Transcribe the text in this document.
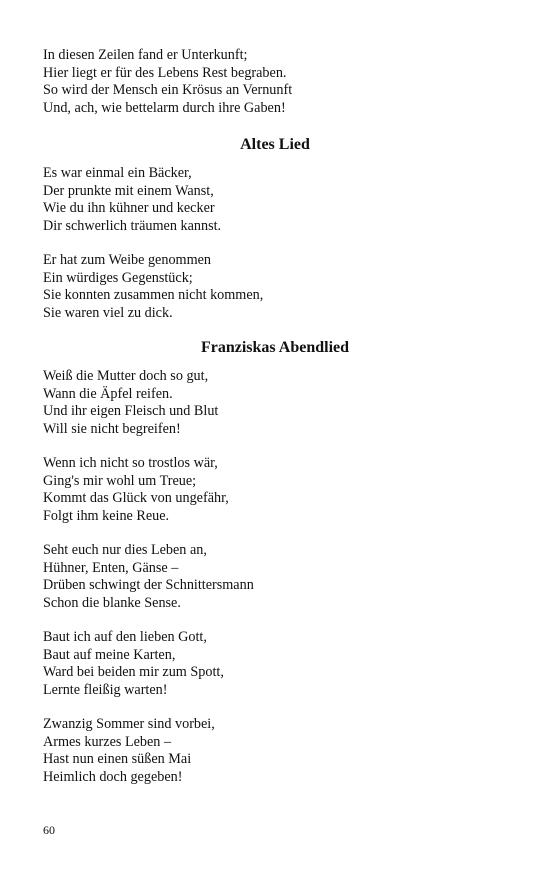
In diesen Zeilen fand er Unterkunft;
Hier liegt er für des Lebens Rest begraben.
So wird der Mensch ein Krösus an Vernunft
Und, ach, wie bettelarm durch ihre Gaben!

Altes Lied

Es war einmal ein Bäcker,
Der prunkte mit einem Wanst,
Wie du ihn kühner und kecker
Dir schwerlich träumen kannst.

Er hat zum Weibe genommen
Ein würdiges Gegenstück;
Sie konnten zusammen nicht kommen,
Sie waren viel zu dick.

Franziskas Abendlied

Weiß die Mutter doch so gut,
Wann die Äpfel reifen.
Und ihr eigen Fleisch und Blut
Will sie nicht begreifen!

Wenn ich nicht so trostlos wär,
Ging's mir wohl um Treue;
Kommt das Glück von ungefähr,
Folgt ihm keine Reue.

Seht euch nur dies Leben an,
Hühner, Enten, Gänse –
Drüben schwingt der Schnittersmann
Schon die blanke Sense.

Baut ich auf den lieben Gott,
Baut auf meine Karten,
Ward bei beiden mir zum Spott,
Lernte fleißig warten!

Zwanzig Sommer sind vorbei,
Armes kurzes Leben –
Hast nun einen süßen Mai
Heimlich doch gegeben!

60
